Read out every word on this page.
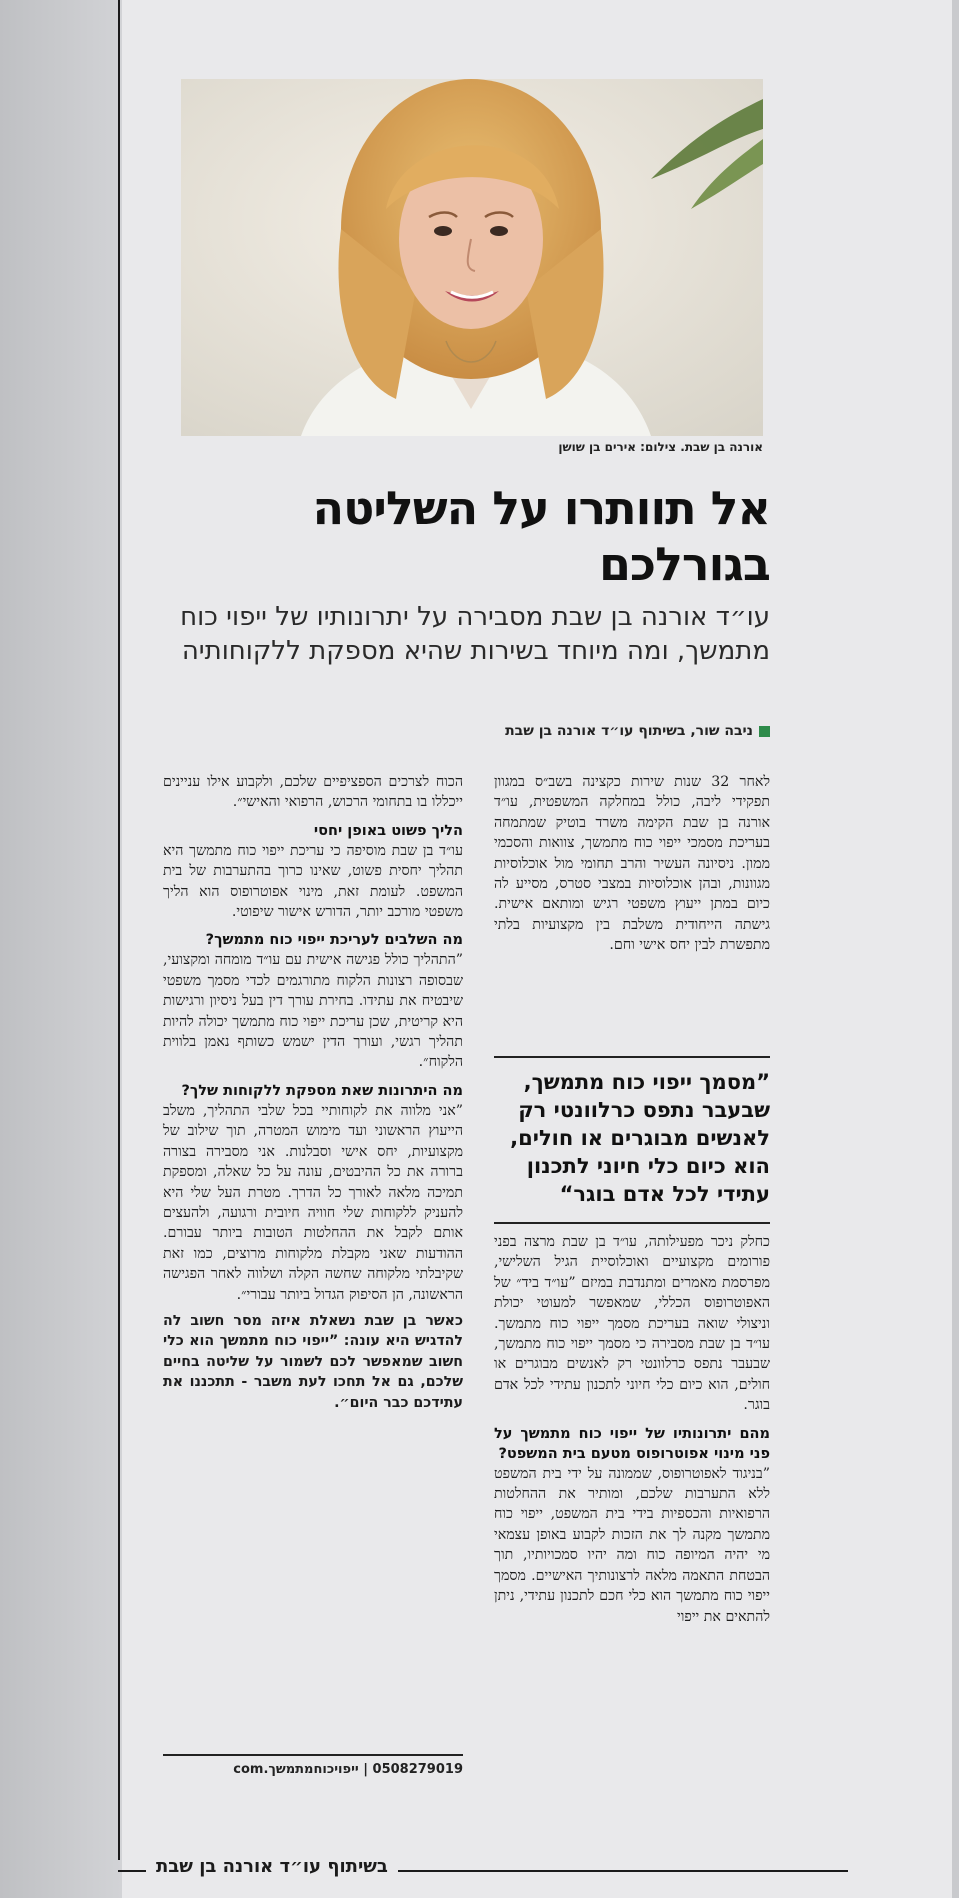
אורנה בן שבת. צילום: אירים בן שושן
אל תוותרו על השליטה בגורלכם
עו״ד אורנה בן שבת מסבירה על יתרונותיו של ייפוי כוח מתמשך, ומה מיוחד בשירות שהיא מספקת ללקוחותיה
ניבה שור, בשיתוף עו״ד אורנה בן שבת

לאחר 32 שנות שירות כקצינה בשב״ס במגוון תפקידי ליבה, כולל במחלקה המשפטית, עו״ד אורנה בן שבת הקימה משרד בוטיק שמתמחה בעריכת מסמכי ייפוי כוח מתמשך, צוואות והסכמי ממון. ניסיונה העשיר והרב תחומי מול אוכלוסיות מגוונות, ובהן אוכלוסיות במצבי סטרס, מסייע לה כיום במתן ייעוץ משפטי רגיש ומותאם אישית. גישתה הייחודית משלבת בין מקצועיות בלתי מתפשרת לבין יחס אישי וחם.

”מסמך ייפוי כוח מתמשך, שבעבר נתפס כרלוונטי רק לאנשים מבוגרים או חולים, הוא כיום כלי חיוני לתכנון עתידי לכל אדם בוגר“

כחלק ניכר מפעילותה, עו״ד בן שבת מרצה בפני פורומים מקצועיים ואוכלוסיית הגיל השלישי, מפרסמת מאמרים ומתנדבת במיזם ”עו״ד ביד״ של האפוטרופוס הכללי, שמאפשר למעוטי יכולת וניצולי שואה בעריכת מסמך ייפוי כוח מתמשך. עו״ד בן שבת מסבירה כי מסמך ייפוי כוח מתמשך, שבעבר נתפס כרלוונטי רק לאנשים מבוגרים או חולים, הוא כיום כלי חיוני לתכנון עתידי לכל אדם בוגר.

מהם יתרונותיו של ייפוי כוח מתמשך על פני מינוי אפוטרופוס מטעם בית המשפט?

”בניגוד לאפוטרופוס, שממונה על ידי בית המשפט ללא התערבות שלכם, ומותיר את ההחלטות הרפואיות והכספיות בידי בית המשפט, ייפוי כוח מתמשך מקנה לך את הזכות לקבוע באופן עצמאי מי יהיה המיופה כוח ומה יהיו סמכויותיו, תוך הבטחת התאמה מלאה לרצונותיך האישיים. מסמך ייפוי כוח מתמשך הוא כלי חכם לתכנון עתידי, ניתן להתאים את ייפוי

הכוח לצרכים הספציפיים שלכם, ולקבוע אילו עניינים ייכללו בו בתחומי הרכוש, הרפואי והאישי״.

הליך פשוט באופן יחסי

עו״ד בן שבת מוסיפה כי עריכת ייפוי כוח מתמשך היא תהליך יחסית פשוט, שאינו כרוך בהתערבות של בית המשפט. לעומת זאת, מינוי אפוטרופוס הוא הליך משפטי מורכב יותר, הדורש אישור שיפוטי.

מה השלבים לעריכת ייפוי כוח מתמשך?

”התהליך כולל פגישה אישית עם עו״ד מומחה ומקצועי, שבסופה רצונות הלקוח מתורגמים לכדי מסמך משפטי שיבטיח את עתידו. בחירת עורך דין בעל ניסיון ורגישות היא קריטית, שכן עריכת ייפוי כוח מתמשך יכולה להיות תהליך רגשי, ועורך הדין ישמש כשותף נאמן בלווית הלקוח״.

מה היתרונות שאת מספקת ללקוחות שלך?

”אני מלווה את לקוחותיי בכל שלבי התהליך, משלב הייעוץ הראשוני ועד מימוש המטרה, תוך שילוב של מקצועיות, יחס אישי וסבלנות. אני מסבירה בצורה ברורה את כל ההיבטים, עונה על כל שאלה, ומספקת תמיכה מלאה לאורך כל הדרך. מטרת העל שלי היא להעניק ללקוחות שלי חוויה חיובית ורגועה, ולהעצים אותם לקבל את ההחלטות הטובות ביותר עבורם. ההודעות שאני מקבלת מלקוחות מרוצים, כמו זאת שקיבלתי מלקוחה שחשה הקלה ושלווה לאחר הפגישה הראשונה, הן הסיפוק הגדול ביותר עבורי״.

כאשר בן שבת נשאלת איזה מסר חשוב לה להדגיש היא עונה: ”ייפוי כוח מתמשך הוא כלי חשוב שמאפשר לכם לשמור על שליטה בחיים שלכם, גם אל תחכו לעת משבר - תתכננו את עתידכם כבר היום״.

0508279019 | ייפויכוחמתמשך.com
בשיתוף עו״ד אורנה בן שבת
